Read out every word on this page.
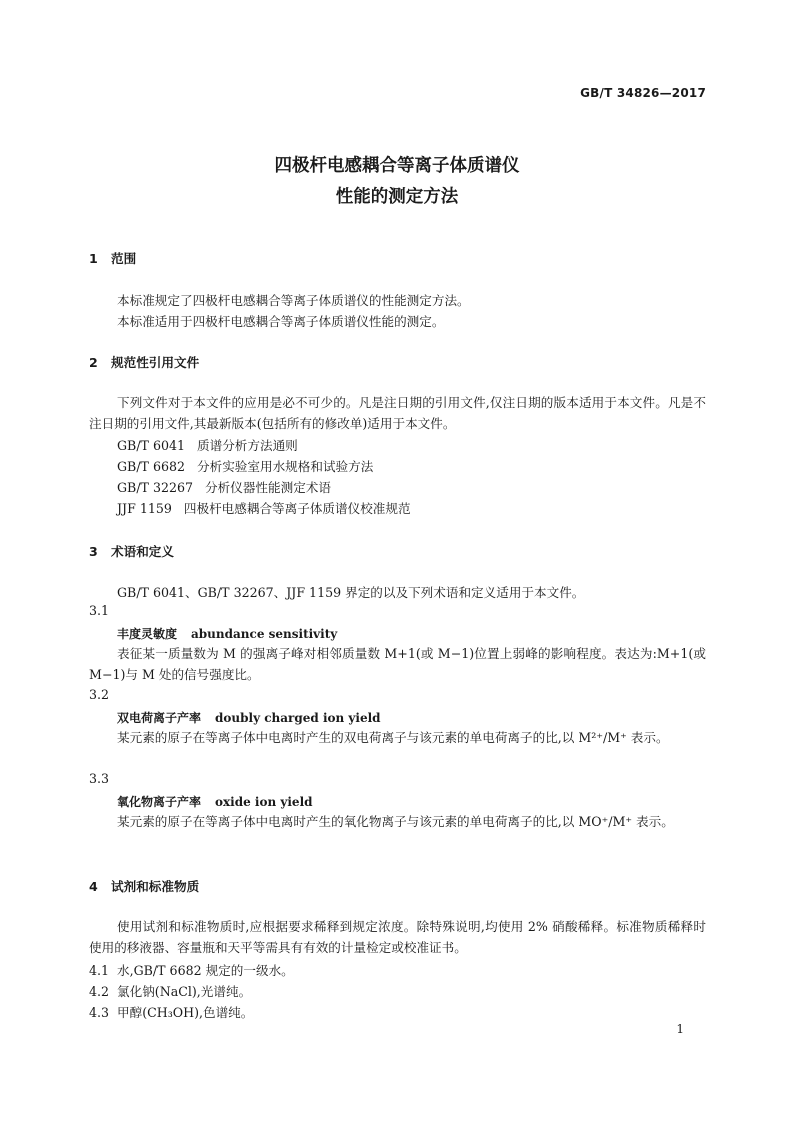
GB/T 34826—2017
四极杆电感耦合等离子体质谱仪
性能的测定方法
1 范围
本标准规定了四极杆电感耦合等离子体质谱仪的性能测定方法。
本标准适用于四极杆电感耦合等离子体质谱仪性能的测定。
2 规范性引用文件
下列文件对于本文件的应用是必不可少的。凡是注日期的引用文件,仅注日期的版本适用于本文件。凡是不注日期的引用文件,其最新版本(包括所有的修改单)适用于本文件。
GB/T 6041 质谱分析方法通则
GB/T 6682 分析实验室用水规格和试验方法
GB/T 32267 分析仪器性能测定术语
JJF 1159 四极杆电感耦合等离子体质谱仪校准规范
3 术语和定义
GB/T 6041、GB/T 32267、JJF 1159 界定的以及下列术语和定义适用于本文件。
3.1
丰度灵敏度 abundance sensitivity
表征某一质量数为 M 的强离子峰对相邻质量数 M+1(或 M−1)位置上弱峰的影响程度。表达为:M+1(或 M−1)与 M 处的信号强度比。
3.2
双电荷离子产率 doubly charged ion yield
某元素的原子在等离子体中电离时产生的双电荷离子与该元素的单电荷离子的比,以 M²⁺/M⁺ 表示。
3.3
氧化物离子产率 oxide ion yield
某元素的原子在等离子体中电离时产生的氧化物离子与该元素的单电荷离子的比,以 MO⁺/M⁺ 表示。
4 试剂和标准物质
使用试剂和标准物质时,应根据要求稀释到规定浓度。除特殊说明,均使用 2% 硝酸稀释。标准物质稀释时使用的移液器、容量瓶和天平等需具有有效的计量检定或校准证书。
4.1 水,GB/T 6682 规定的一级水。
4.2 氯化钠(NaCl),光谱纯。
4.3 甲醇(CH₃OH),色谱纯。
1
